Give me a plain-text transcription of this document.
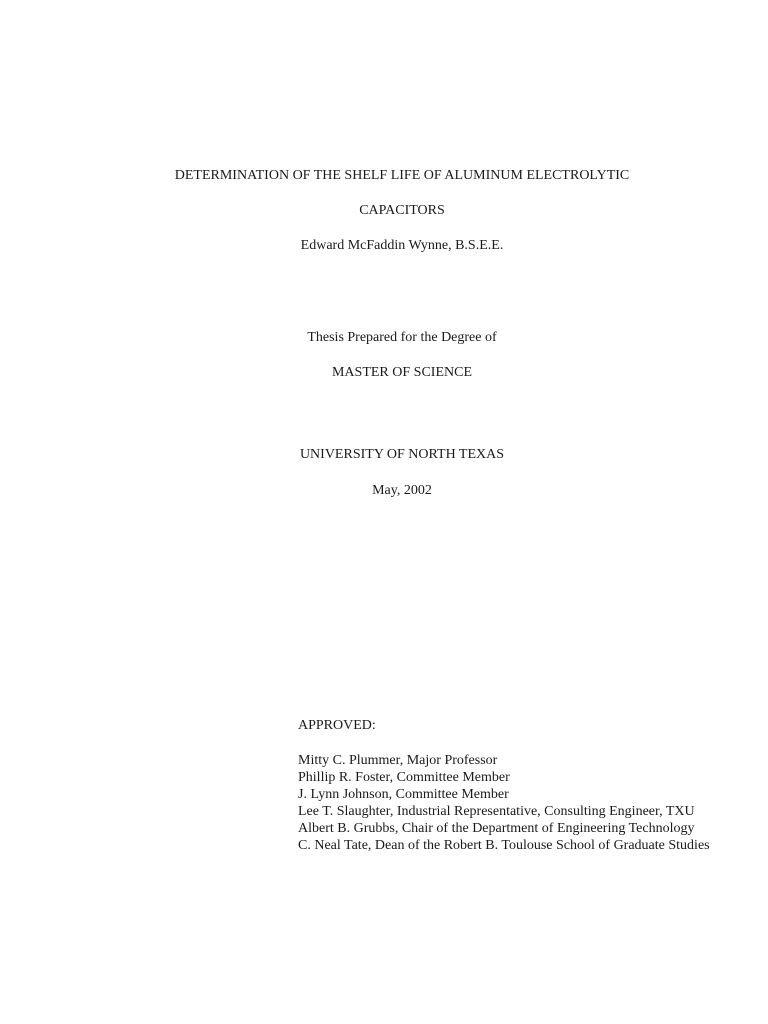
DETERMINATION OF THE SHELF LIFE OF ALUMINUM ELECTROLYTIC
CAPACITORS
Edward McFaddin Wynne, B.S.E.E.
Thesis Prepared for the Degree of
MASTER OF SCIENCE
UNIVERSITY OF NORTH TEXAS
May, 2002
APPROVED:
Mitty C. Plummer, Major Professor
Phillip R. Foster, Committee Member
J. Lynn Johnson, Committee Member
Lee T. Slaughter, Industrial Representative, Consulting Engineer, TXU
Albert B. Grubbs, Chair of the Department of Engineering Technology
C. Neal Tate, Dean of the Robert B. Toulouse School of Graduate Studies
